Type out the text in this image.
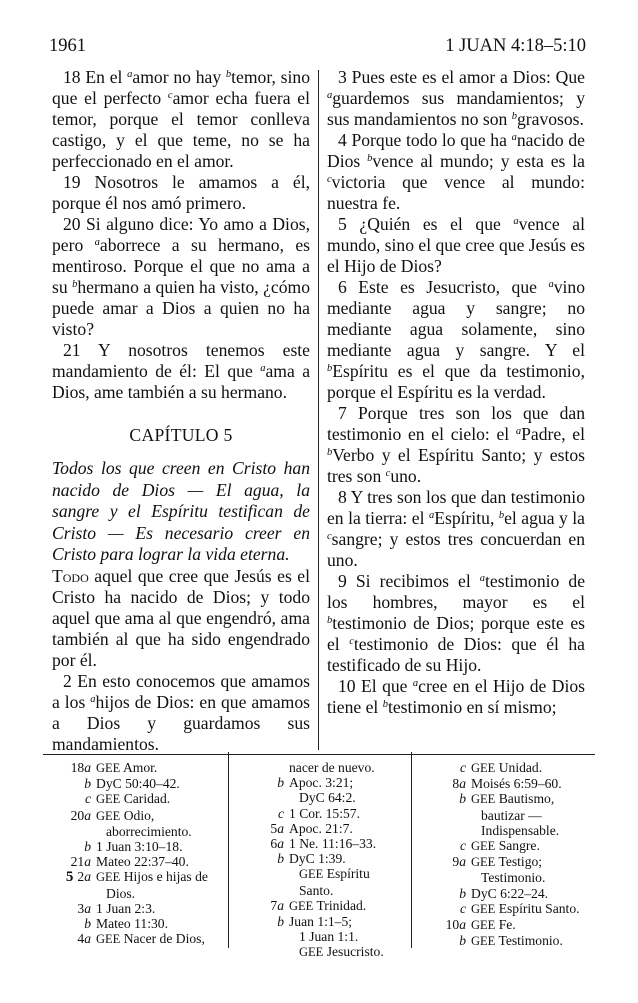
1961	1 JUAN 4:18–5:10

18 En el $^a$amor no hay $^b$temor, sino que el perfecto $^c$amor echa fuera el temor, porque el temor conlleva castigo, y el que teme, no se ha perfeccionado en el amor.

19 Nosotros le amamos a él, porque él nos amó primero.

20 Si alguno dice: Yo amo a Dios, pero $^a$aborrece a su hermano, es mentiroso. Porque el que no ama a su $^b$hermano a quien ha visto, ¿cómo puede amar a Dios a quien no ha visto?

21 Y nosotros tenemos este mandamiento de él: El que $^a$ama a Dios, ame también a su hermano.

CAPÍTULO 5

Todos los que creen en Cristo han nacido de Dios — El agua, la sangre y el Espíritu testifican de Cristo — Es necesario creer en Cristo para lograr la vida eterna.

Todo aquel que cree que Jesús es el Cristo ha nacido de Dios; y todo aquel que ama al que engendró, ama también al que ha sido engendrado por él.

2 En esto conocemos que amamos a los $^a$hijos de Dios: en que amamos a Dios y guardamos sus mandamientos.

3 Pues este es el amor a Dios: Que $^a$guardemos sus mandamientos; y sus mandamientos no son $^b$gravosos.

4 Porque todo lo que ha $^a$nacido de Dios $^b$vence al mundo; y esta es la $^c$victoria que vence al mundo: nuestra fe.

5 ¿Quién es el que $^a$vence al mundo, sino el que cree que Jesús es el Hijo de Dios?

6 Este es Jesucristo, que $^a$vino mediante agua y sangre; no mediante agua solamente, sino mediante agua y sangre. Y el $^b$Espíritu es el que da testimonio, porque el Espíritu es la verdad.

7 Porque tres son los que dan testimonio en el cielo: el $^a$Padre, el $^b$Verbo y el Espíritu Santo; y estos tres son $^c$uno.

8 Y tres son los que dan testimonio en la tierra: el $^a$Espíritu, $^b$el agua y la $^c$sangre; y estos tres concuerdan en uno.

9 Si recibimos el $^a$testimonio de los hombres, mayor es el $^b$testimonio de Dios; porque este es el $^c$testimonio de Dios: que él ha testificado de su Hijo.

10 El que $^a$cree en el Hijo de Dios tiene el $^b$testimonio en sí mismo;

18a GEE Amor.
b DyC 50:40–42.
c GEE Caridad.
20a GEE Odio,
aborrecimiento.
b 1 Juan 3:10–18.
21a Mateo 22:37–40.
5 2a GEE Hijos e hijas de
Dios.
3a 1 Juan 2:3.
b Mateo 11:30.
4a GEE Nacer de Dios,
nacer de nuevo.
b Apoc. 3:21;
DyC 64:2.
c 1 Cor. 15:57.
5a Apoc. 21:7.
6a 1 Ne. 11:16–33.
b DyC 1:39.
GEE Espíritu Santo.
7a GEE Trinidad.
b Juan 1:1–5;
1 Juan 1:1.
GEE Jesucristo.
c GEE Unidad.
8a Moisés 6:59–60.
b GEE Bautismo,
bautizar —
Indispensable.
c GEE Sangre.
9a GEE Testigo;
Testimonio.
b DyC 6:22–24.
c GEE Espíritu Santo.
10a GEE Fe.
b GEE Testimonio.
